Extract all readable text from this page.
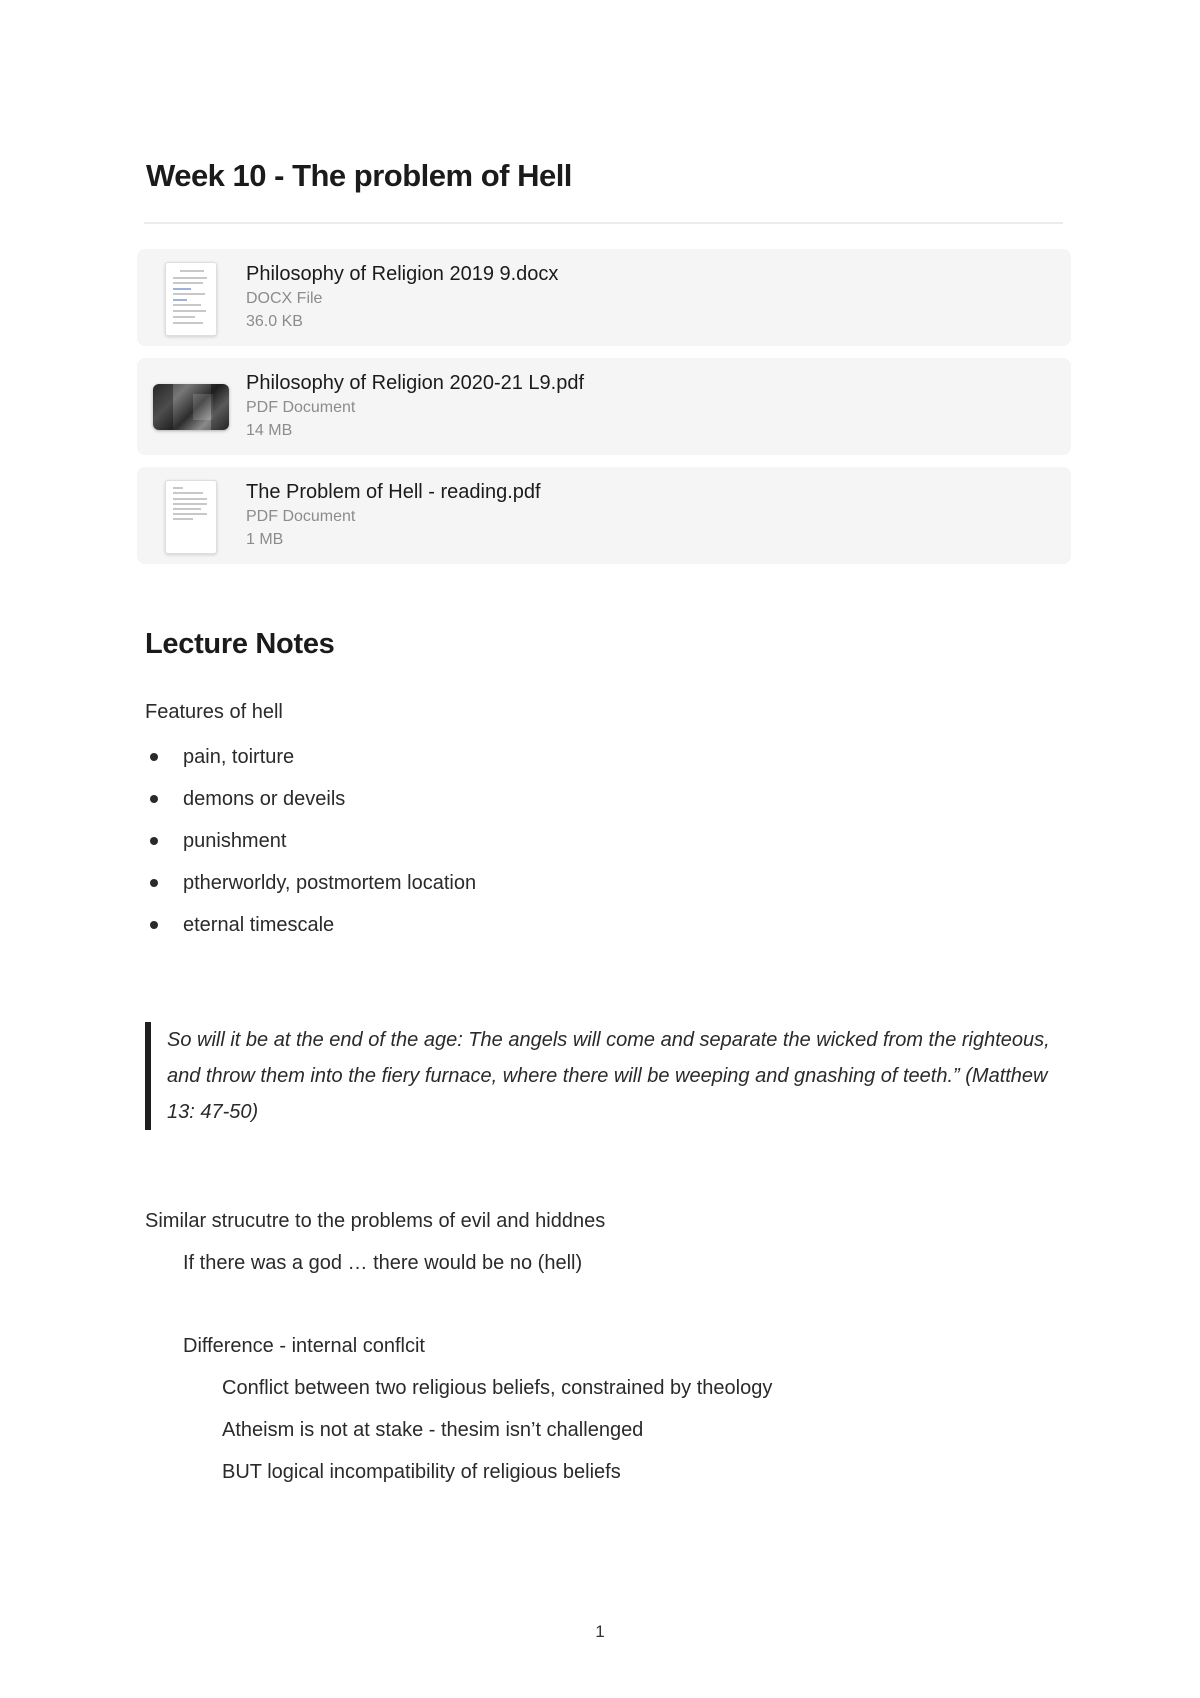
Week 10 - The problem of Hell
Philosophy of Religion 2019 9.docx
DOCX File
36.0 KB
Philosophy of Religion 2020-21 L9.pdf
PDF Document
14 MB
The Problem of Hell - reading.pdf
PDF Document
1 MB
Lecture Notes

Features of hell

pain, toirture
demons or deveils
punishment
ptherworldy, postmortem location
eternal timescale
So will it be at the end of the age: The angels will come and separate the wicked from the righteous, and throw them into the fiery furnace, where there will be weeping and gnashing of teeth.” (Matthew 13: 47-50)

Similar strucutre to the problems of evil and hiddnes

If there was a god … there would be no (hell)

Difference - internal conflcit

Conflict between two religious beliefs, constrained by theology

Atheism is not at stake - thesim isn’t challenged

BUT logical incompatibility of religious beliefs

1
